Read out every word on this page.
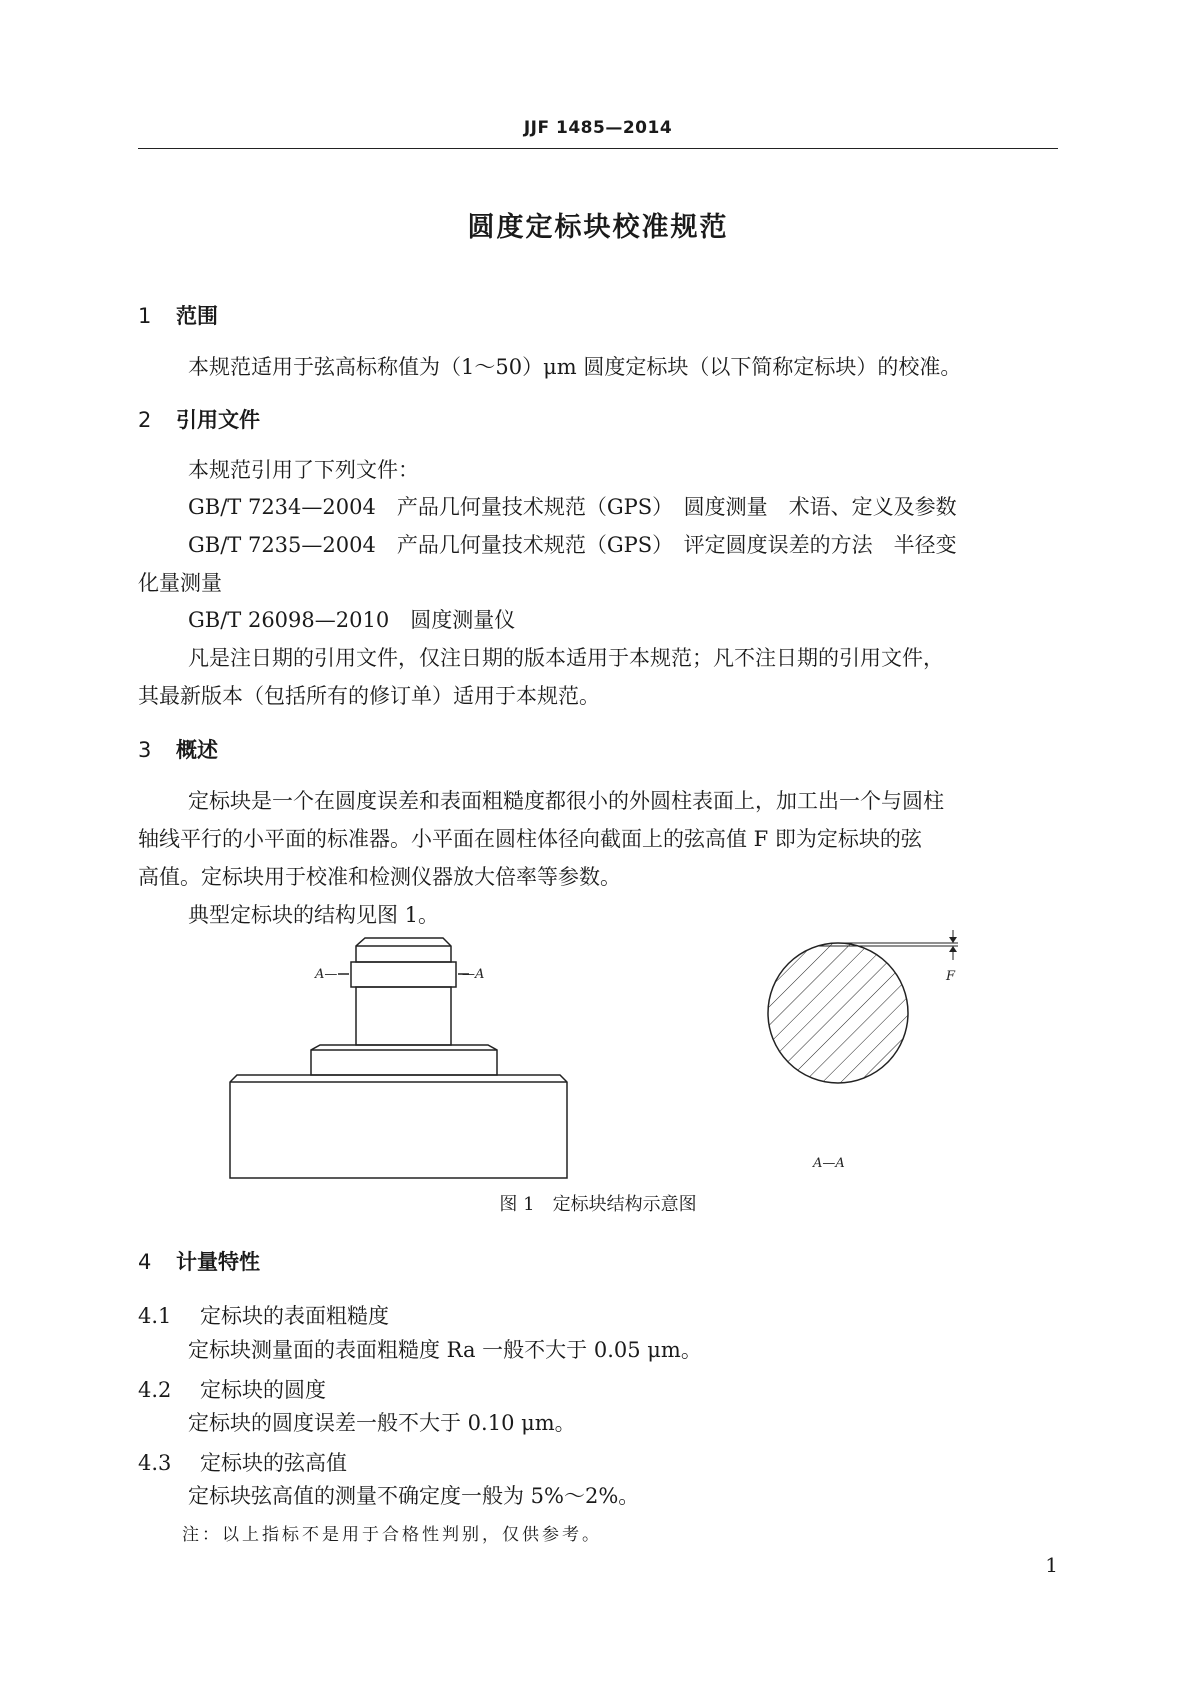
JJF 1485—2014
圆度定标块校准规范
1 范围
本规范适用于弦高标称值为（1～50）μm 圆度定标块（以下简称定标块）的校准。
2 引用文件
本规范引用了下列文件：
GB/T 7234—2004　产品几何量技术规范（GPS）　圆度测量　术语、定义及参数
GB/T 7235—2004　产品几何量技术规范（GPS）　评定圆度误差的方法　半径变
化量测量
GB/T 26098—2010　圆度测量仪
凡是注日期的引用文件，仅注日期的版本适用于本规范；凡不注日期的引用文件，
其最新版本（包括所有的修订单）适用于本规范。
3 概述
定标块是一个在圆度误差和表面粗糙度都很小的外圆柱表面上，加工出一个与圆柱
轴线平行的小平面的标准器。小平面在圆柱体径向截面上的弦高值 F 即为定标块的弦
高值。定标块用于校准和检测仪器放大倍率等参数。
典型定标块的结构见图 1。
A—	—A	F
A—A
图 1　定标块结构示意图
4 计量特性
4.1 定标块的表面粗糙度
定标块测量面的表面粗糙度 Ra 一般不大于 0.05 μm。
4.2 定标块的圆度
定标块的圆度误差一般不大于 0.10 μm。
4.3 定标块的弦高值
定标块弦高值的测量不确定度一般为 5%～2%。
注：以上指标不是用于合格性判别，仅供参考。
1
